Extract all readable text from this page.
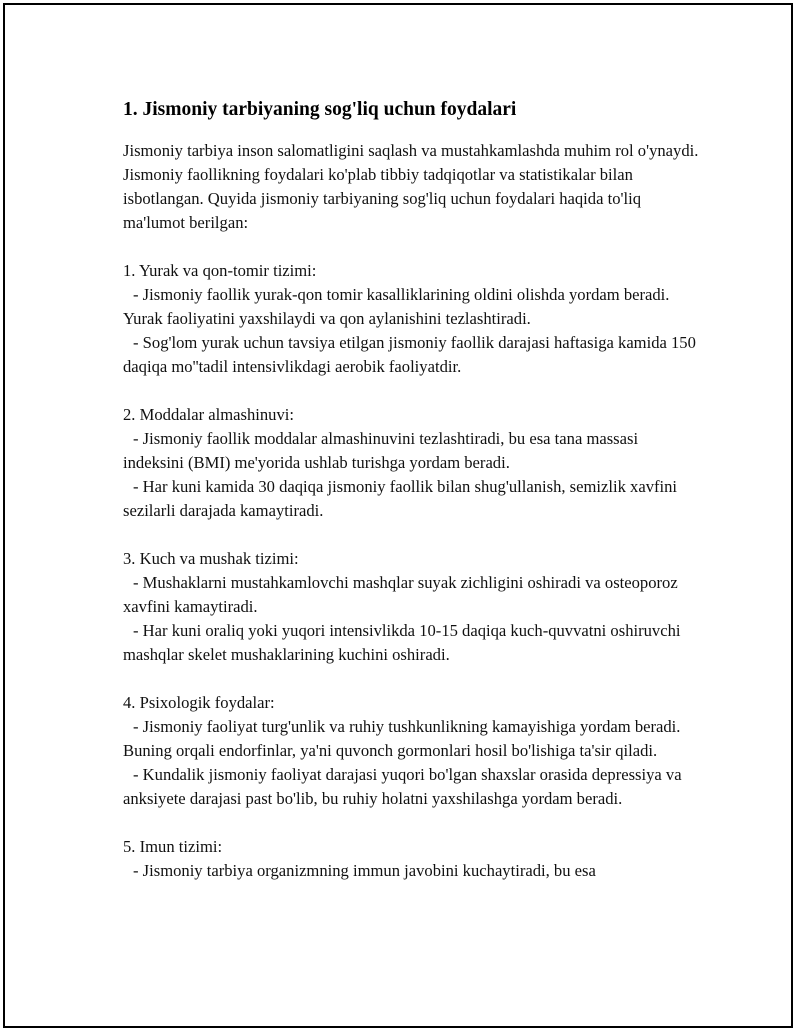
1. Jismoniy tarbiyaning sog'liq uchun foydalari

Jismoniy tarbiya inson salomatligini saqlash va mustahkamlashda muhim rol o'ynaydi. Jismoniy faollikning foydalari ko'plab tibbiy tadqiqotlar va statistikalar bilan isbotlangan. Quyida jismoniy tarbiyaning sog'liq uchun foydalari haqida to'liq ma'lumot berilgan:

1. Yurak va qon-tomir tizimi:

- Jismoniy faollik yurak-qon tomir kasalliklarining oldini olishda yordam beradi. Yurak faoliyatini yaxshilaydi va qon aylanishini tezlashtiradi.

- Sog'lom yurak uchun tavsiya etilgan jismoniy faollik darajasi haftasiga kamida 150 daqiqa mo''tadil intensivlikdagi aerobik faoliyatdir.

2. Moddalar almashinuvi:

- Jismoniy faollik moddalar almashinuvini tezlashtiradi, bu esa tana massasi indeksini (BMI) me'yorida ushlab turishga yordam beradi.

- Har kuni kamida 30 daqiqa jismoniy faollik bilan shug'ullanish, semizlik xavfini sezilarli darajada kamaytiradi.

3. Kuch va mushak tizimi:

- Mushaklarni mustahkamlovchi mashqlar suyak zichligini oshiradi va osteoporoz xavfini kamaytiradi.

- Har kuni oraliq yoki yuqori intensivlikda 10-15 daqiqa kuch-quvvatni oshiruvchi mashqlar skelet mushaklarining kuchini oshiradi.

4. Psixologik foydalar:

- Jismoniy faoliyat turg'unlik va ruhiy tushkunlikning kamayishiga yordam beradi. Buning orqali endorfinlar, ya'ni quvonch gormonlari hosil bo'lishiga ta'sir qiladi.

- Kundalik jismoniy faoliyat darajasi yuqori bo'lgan shaxslar orasida depressiya va anksiyete darajasi past bo'lib, bu ruhiy holatni yaxshilashga yordam beradi.

5. Imun tizimi:

- Jismoniy tarbiya organizmning immun javobini kuchaytiradi, bu esa
